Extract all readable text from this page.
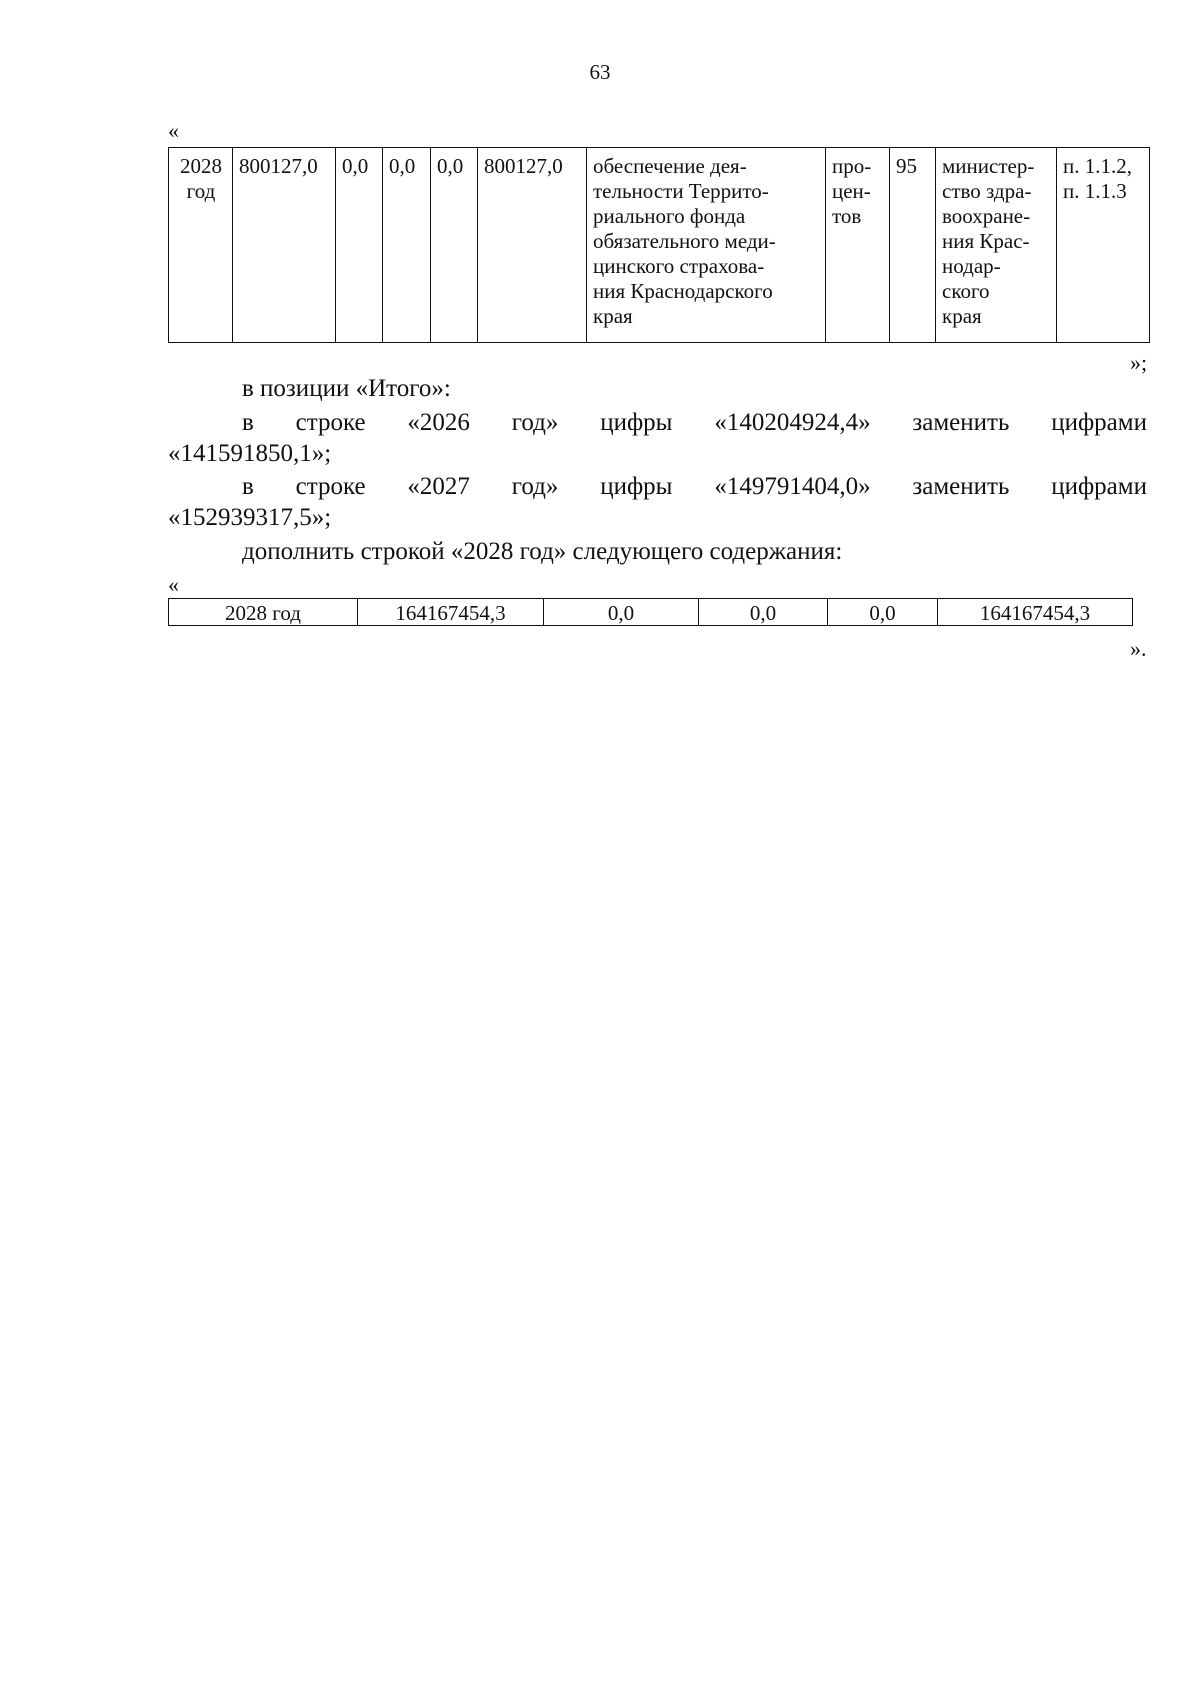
63
«
2028
год	800127,0	0,0	0,0	0,0	800127,0	обеспечение дея-
тельности Террито-
риального фонда
обязательного меди-
цинского страхова-
ния Краснодарского
края	про-
цен-
тов	95	министер-
ство здра-
воохране-
ния Крас-
нодар-
ского
края	п. 1.1.2,
п. 1.1.3
»;
в позиции «Итого»:
в строке «2026 год» цифры «140204924,4» заменить цифрами
«141591850,1»;
в строке «2027 год» цифры «149791404,0» заменить цифрами
«152939317,5»;
дополнить строкой «2028 год» следующего содержания:
«
2028 год	164167454,3	0,0	0,0	0,0	164167454,3
».
